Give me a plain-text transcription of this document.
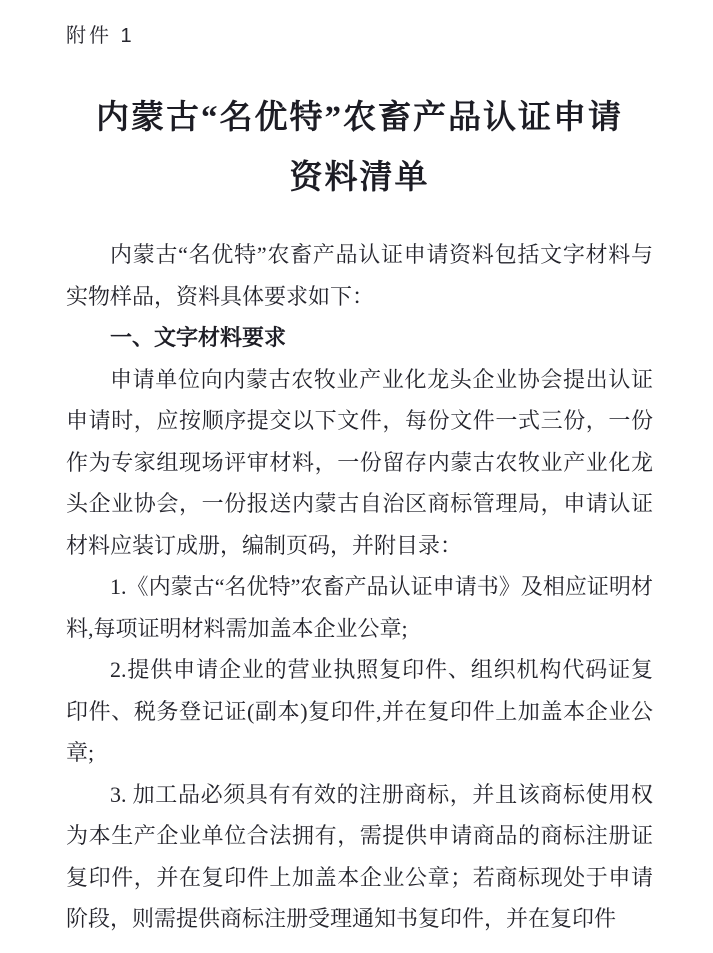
附件 1
内蒙古“名优特”农畜产品认证申请
资料清单

内蒙古“名优特”农畜产品认证申请资料包括文字材料与实物样品，资料具体要求如下：

一、文字材料要求

申请单位向内蒙古农牧业产业化龙头企业协会提出认证申请时，应按顺序提交以下文件，每份文件一式三份，一份作为专家组现场评审材料，一份留存内蒙古农牧业产业化龙头企业协会，一份报送内蒙古自治区商标管理局，申请认证材料应装订成册，编制页码，并附目录：

1.《内蒙古“名优特”农畜产品认证申请书》及相应证明材料,每项证明材料需加盖本企业公章;

2.提供申请企业的营业执照复印件、组织机构代码证复印件、税务登记证(副本)复印件,并在复印件上加盖本企业公章;

3. 加工品必须具有有效的注册商标，并且该商标使用权为本生产企业单位合法拥有，需提供申请商品的商标注册证复印件，并在复印件上加盖本企业公章；若商标现处于申请阶段，则需提供商标注册受理通知书复印件，并在复印件
